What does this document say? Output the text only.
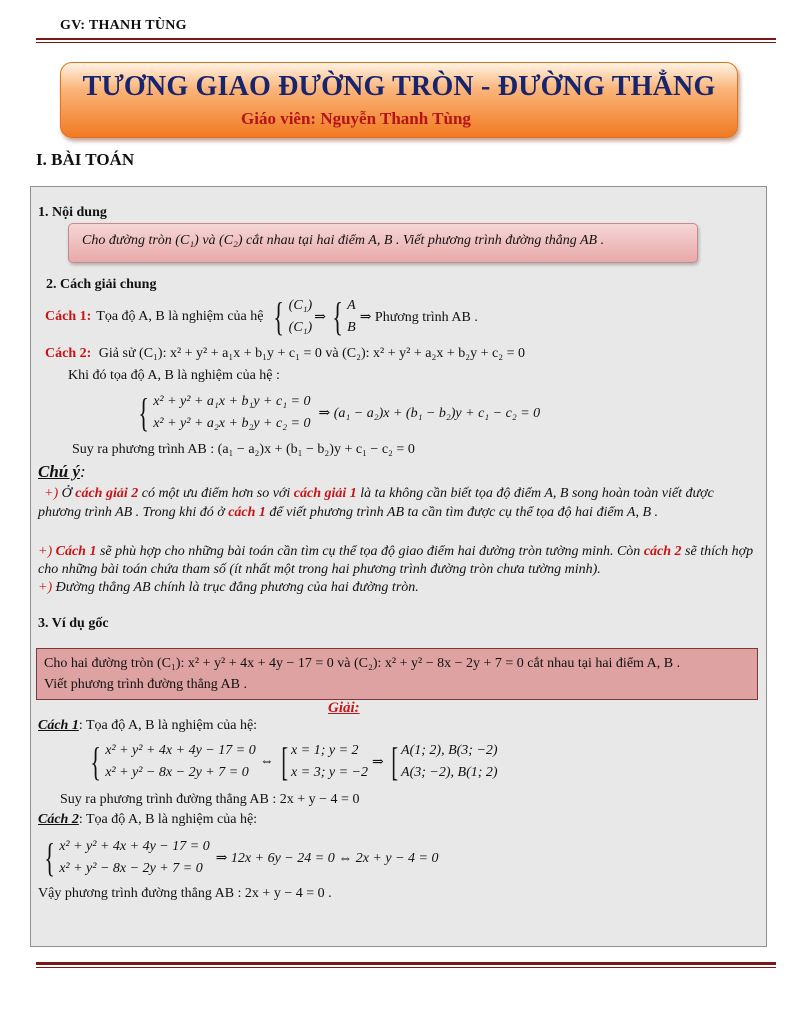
GV: THANH TÙNG
TƯƠNG GIAO ĐƯỜNG TRÒN - ĐƯỜNG THẲNG
Giáo viên: Nguyễn Thanh Tùng
I. BÀI TOÁN
1. Nội dung
Cho đường tròn (C₁) và (C₂) cắt nhau tại hai điểm A, B . Viết phương trình đường thẳng AB .
2. Cách giải chung
Cách 1: Tọa độ A, B là nghiệm của hệ { (C₁)
(C₁)
⇒ { A
B
⇒ Phương trình AB .
Cách 2: Giả sử (C₁): x² + y² + a₁x + b₁y + c₁ = 0 và (C₂): x² + y² + a₂x + b₂y + c₂ = 0
Khi đó tọa độ A, B là nghiệm của hệ :
{ x² + y² + a₁x + b₁y + c₁ = 0
x² + y² + a₂x + b₂y + c₂ = 0
⇒ (a₁ − a₂)x + (b₁ − b₂)y + c₁ − c₂ = 0
Suy ra phương trình AB : (a₁ − a₂)x + (b₁ − b₂)y + c₁ − c₂ = 0
Chú ý:
+) Ở cách giải 2 có một ưu điểm hơn so với cách giải 1 là ta không cần biết tọa độ điểm A, B song hoàn toàn viết được phương trình AB . Trong khi đó ở cách 1 để viết phương trình AB ta cần tìm được cụ thể tọa độ hai điểm A, B .
+) Cách 1 sẽ phù hợp cho những bài toán cần tìm cụ thể tọa độ giao điểm hai đường tròn tường minh. Còn cách 2 sẽ thích hợp cho những bài toán chứa tham số (ít nhất một trong hai phương trình đường tròn chưa tường minh).
+) Đường thẳng AB chính là trục đẳng phương của hai đường tròn.
3. Ví dụ gốc
Cho hai đường tròn (C₁): x² + y² + 4x + 4y − 17 = 0 và (C₂): x² + y² − 8x − 2y + 7 = 0 cắt nhau tại hai điểm A, B .
Viết phương trình đường thẳng AB .
Giải:
Cách 1: Tọa độ A, B là nghiệm của hệ:
{ x² + y² + 4x + 4y − 17 = 0
x² + y² − 8x − 2y + 7 = 0
⇔ [ x = 1; y = 2
x = 3; y = −2
⇒ [ A(1; 2), B(3; −2)
A(3; −2), B(1; 2)
Suy ra phương trình đường thẳng AB : 2x + y − 4 = 0
Cách 2: Tọa độ A, B là nghiệm của hệ:
{ x² + y² + 4x + 4y − 17 = 0
x² + y² − 8x − 2y + 7 = 0
⇒ 12x + 6y − 24 = 0 ⇔ 2x + y − 4 = 0
Vậy phương trình đường thẳng AB : 2x + y − 4 = 0 .
